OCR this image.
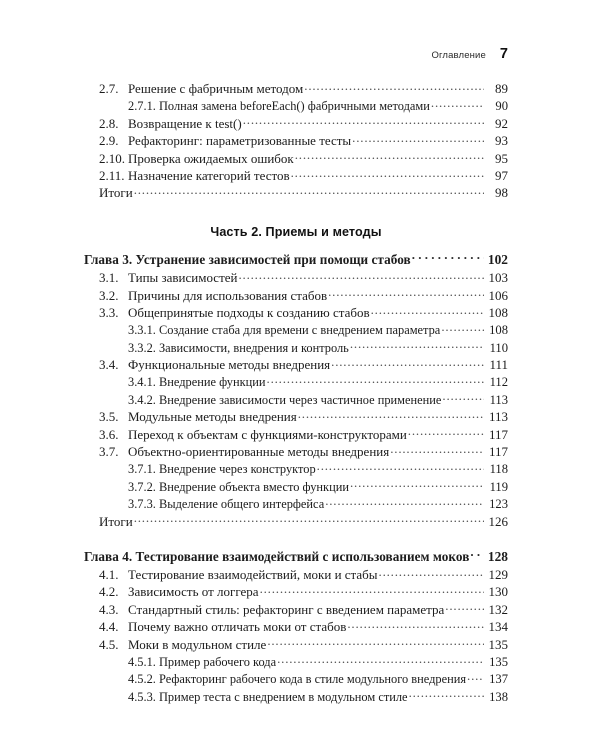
Оглавление 7
2.7. Решение с фабричным методом .....	89
2.7.1. Полная замена beforeEach() фабричными методами .....	90
2.8. Возвращение к test() .....	92
2.9. Рефакторинг: параметризованные тесты .....	93
2.10. Проверка ожидаемых ошибок .....	95
2.11. Назначение категорий тестов .....	97
Итоги .....	98
Часть 2. Приемы и методы
Глава 3. Устранение зависимостей при помощи стабов . . .	102
3.1. Типы зависимостей .....	103
3.2. Причины для использования стабов .....	106
3.3. Общепринятые подходы к созданию стабов .....	108
3.3.1. Создание стаба для времени с внедрением параметра .....	108
3.3.2. Зависимости, внедрения и контроль .....	110
3.4. Функциональные методы внедрения .....	111
3.4.1. Внедрение функции .....	112
3.4.2. Внедрение зависимости через частичное применение .....	113
3.5. Модульные методы внедрения .....	113
3.6. Переход к объектам с функциями-конструкторами .....	117
3.7. Объектно-ориентированные методы внедрения .....	117
3.7.1. Внедрение через конструктор .....	118
3.7.2. Внедрение объекта вместо функции .....	119
3.7.3. Выделение общего интерфейса .....	123
Итоги .....	126
Глава 4. Тестирование взаимодействий с использованием моков . . . 128
4.1. Тестирование взаимодействий, моки и стабы .....	129
4.2. Зависимость от логгера .....	130
4.3. Стандартный стиль: рефакторинг с введением параметра .....	132
4.4. Почему важно отличать моки от стабов .....	134
4.5. Моки в модульном стиле .....	135
4.5.1. Пример рабочего кода .....	135
4.5.2. Рефакторинг рабочего кода в стиле модульного внедрения ..... 137
4.5.3. Пример теста с внедрением в модульном стиле .....	138
